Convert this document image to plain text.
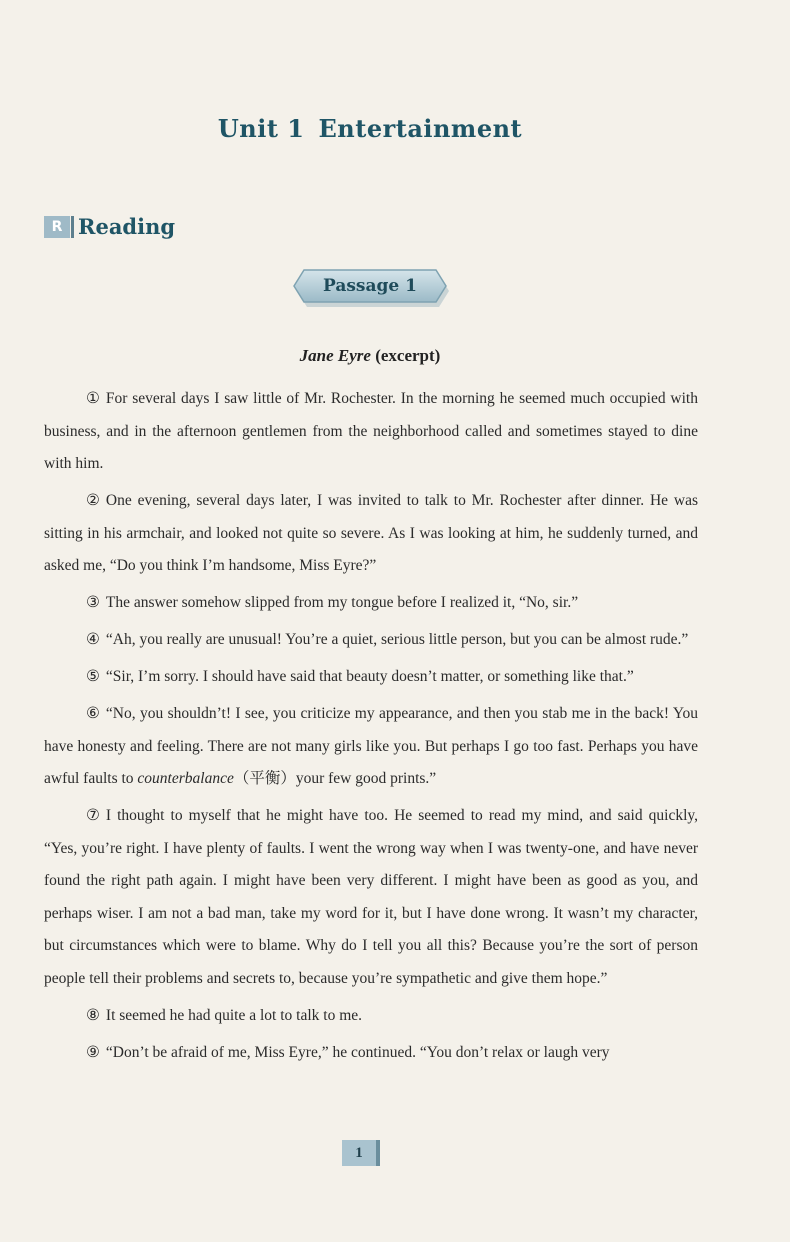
Unit 1 Entertainment
R Reading
Passage 1
Jane Eyre (excerpt)

① For several days I saw little of Mr. Rochester. In the morning he seemed much occupied with business, and in the afternoon gentlemen from the neighborhood called and sometimes stayed to dine with him.

② One evening, several days later, I was invited to talk to Mr. Rochester after dinner. He was sitting in his armchair, and looked not quite so severe. As I was looking at him, he suddenly turned, and asked me, “Do you think I’m handsome, Miss Eyre?”

③ The answer somehow slipped from my tongue before I realized it, “No, sir.”

④ “Ah, you really are unusual! You’re a quiet, serious little person, but you can be almost rude.”

⑤ “Sir, I’m sorry. I should have said that beauty doesn’t matter, or something like that.”

⑥ “No, you shouldn’t! I see, you criticize my appearance, and then you stab me in the back! You have honesty and feeling. There are not many girls like you. But perhaps I go too fast. Perhaps you have awful faults to counterbalance（平衡）your few good prints.”

⑦ I thought to myself that he might have too. He seemed to read my mind, and said quickly, “Yes, you’re right. I have plenty of faults. I went the wrong way when I was twenty-one, and have never found the right path again. I might have been very different. I might have been as good as you, and perhaps wiser. I am not a bad man, take my word for it, but I have done wrong. It wasn’t my character, but circumstances which were to blame. Why do I tell you all this? Because you’re the sort of person people tell their problems and secrets to, because you’re sympathetic and give them hope.”

⑧ It seemed he had quite a lot to talk to me.

⑨ “Don’t be afraid of me, Miss Eyre,” he continued. “You don’t relax or laugh very

1
